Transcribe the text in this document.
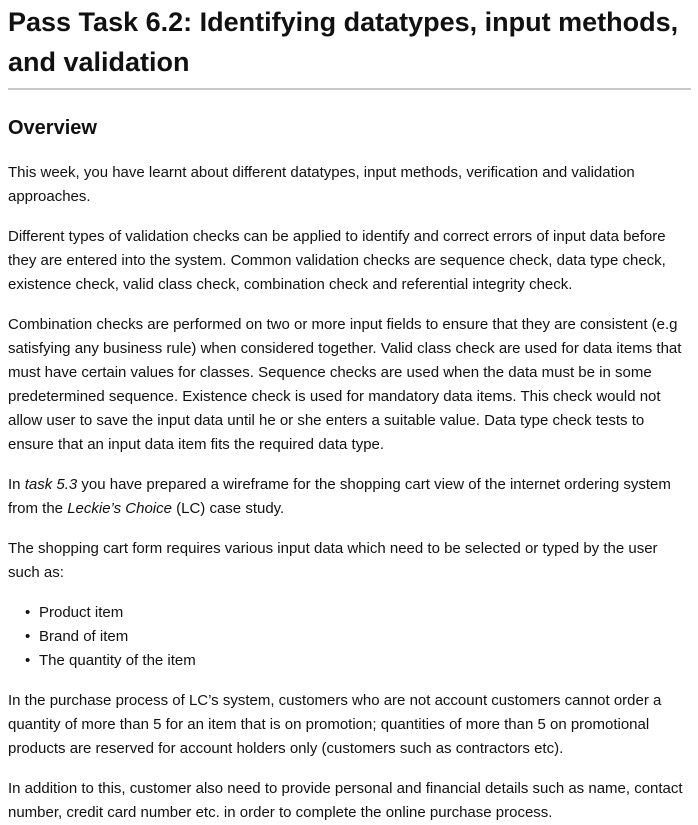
Pass Task 6.2: Identifying datatypes, input methods, and validation
Overview

This week, you have learnt about different datatypes, input methods, verification and validation approaches.

Different types of validation checks can be applied to identify and correct errors of input data before they are entered into the system. Common validation checks are sequence check, data type check, existence check, valid class check, combination check and referential integrity check.

Combination checks are performed on two or more input fields to ensure that they are consistent (e.g satisfying any business rule) when considered together. Valid class check are used for data items that must have certain values for classes. Sequence checks are used when the data must be in some predetermined sequence. Existence check is used for mandatory data items. This check would not allow user to save the input data until he or she enters a suitable value. Data type check tests to ensure that an input data item fits the required data type.

In task 5.3 you have prepared a wireframe for the shopping cart view of the internet ordering system from the Leckie’s Choice (LC) case study.

The shopping cart form requires various input data which need to be selected or typed by the user such as:

• Product item
• Brand of item
• The quantity of the item

In the purchase process of LC’s system, customers who are not account customers cannot order a quantity of more than 5 for an item that is on promotion; quantities of more than 5 on promotional products are reserved for account holders only (customers such as contractors etc).

In addition to this, customer also need to provide personal and financial details such as name, contact number, credit card number etc. in order to complete the online purchase process.
